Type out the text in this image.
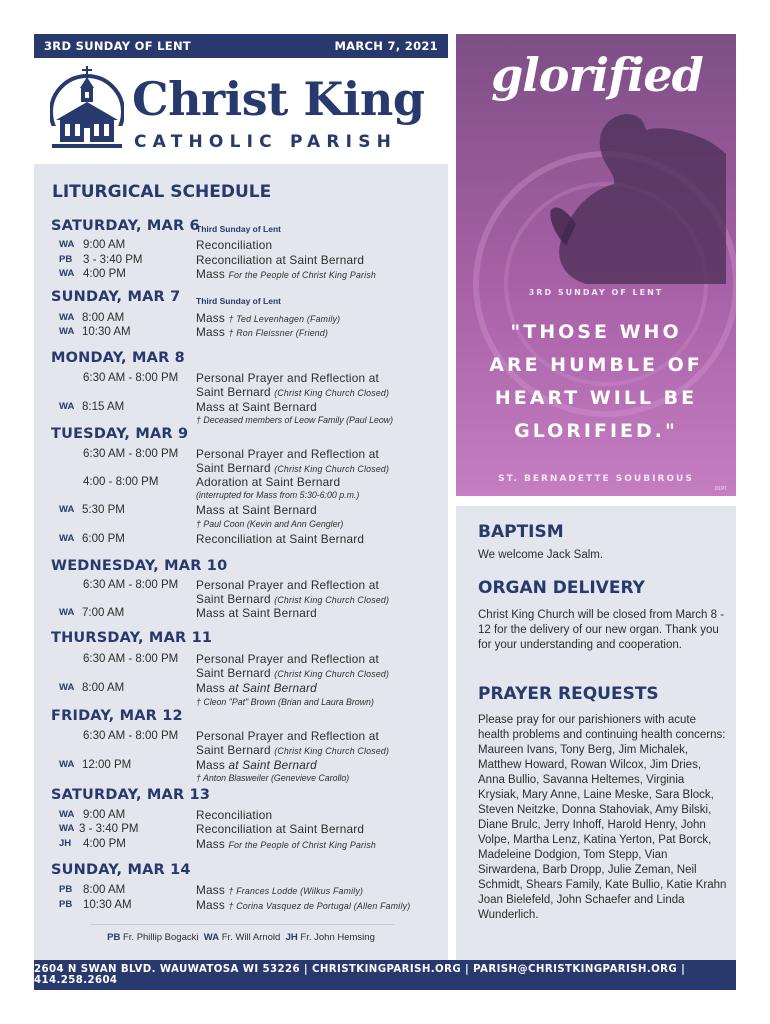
3RD SUNDAY OF LENT	MARCH 7, 2021
Christ King
CATHOLIC PARISH
LITURGICAL SCHEDULE
SATURDAY, MAR 6
Third Sunday of Lent
WA 9:00 AM	Reconciliation
PB 3 - 3:40 PM	Reconciliation at Saint Bernard
WA 4:00 PM	Mass For the People of Christ King Parish
SUNDAY, MAR 7 Third Sunday of Lent
WA 8:00 AM	Mass † Ted Levenhagen (Family)
WA 10:30 AM	Mass † Ron Fleissner (Friend)
MONDAY, MAR 8
6:30 AM - 8:00 PM Personal Prayer and Reflection at
Saint Bernard (Christ King Church Closed)
WA 8:15 AM	Mass at Saint Bernard
† Deceased members of Leow Family (Paul Leow)
TUESDAY, MAR 9
6:30 AM - 8:00 PM Personal Prayer and Reflection at
Saint Bernard (Christ King Church Closed)
4:00 - 8:00 PM	Adoration at Saint Bernard
(interrupted for Mass from 5:30-6:00 p.m.)
WA 5:30 PM	Mass at Saint Bernard
† Paul Coon (Kevin and Ann Gengler)
WA 6:00 PM	Reconciliation at Saint Bernard
WEDNESDAY, MAR 10
6:30 AM - 8:00 PM Personal Prayer and Reflection at
Saint Bernard (Christ King Church Closed)
WA 7:00 AM	Mass at Saint Bernard
THURSDAY, MAR 11
6:30 AM - 8:00 PM Personal Prayer and Reflection at
Saint Bernard (Christ King Church Closed)
WA 8:00 AM	Mass at Saint Bernard
† Cleon "Pat" Brown (Brian and Laura Brown)
FRIDAY, MAR 12
6:30 AM - 8:00 PM Personal Prayer and Reflection at
Saint Bernard (Christ King Church Closed)
WA 12:00 PM	Mass at Saint Bernard
† Anton Blasweiler (Genevieve Carollo)
SATURDAY, MAR 13
WA 9:00 AM	Reconciliation
WA 3 - 3:40 PM	Reconciliation at Saint Bernard
JH 4:00 PM	Mass For the People of Christ King Parish
SUNDAY, MAR 14
PB 8:00 AM	Mass † Frances Lodde (Wilkus Family)
PB 10:30 AM	Mass † Corina Vasquez de Portugal (Allen Family)
PB Fr. Phillip Bogacki WA Fr. Will Arnold JH Fr. John Hemsing
glorified
3RD SUNDAY OF LENT
"THOSE WHO
ARE HUMBLE OF
HEART WILL BE
GLORIFIED."
ST. BERNADETTE SOUBIROUS
OLPI
BAPTISM
We welcome Jack Salm.
ORGAN DELIVERY
Christ King Church will be closed from March 8 - 12 for the delivery of our new organ. Thank you for your understanding and cooperation.
PRAYER REQUESTS
Please pray for our parishioners with acute health problems and continuing health concerns: Maureen Ivans, Tony Berg, Jim Michalek, Matthew Howard, Rowan Wilcox, Jim Dries, Anna Bullio, Savanna Heltemes, Virginia Krysiak, Mary Anne, Laine Meske, Sara Block, Steven Neitzke, Donna Stahoviak, Amy Bilski, Diane Brulc, Jerry Inhoff, Harold Henry, John Volpe, Martha Lenz, Katina Yerton, Pat Borck, Madeleine Dodgion, Tom Stepp, Vian Sirwardena, Barb Dropp, Julie Zeman, Neil Schmidt, Shears Family, Kate Bullio, Katie Krahn Joan Bielefeld, John Schaefer and Linda Wunderlich.
2604 N SWAN BLVD. WAUWATOSA WI 53226 | CHRISTKINGPARISH.ORG | PARISH@CHRISTKINGPARISH.ORG | 414.258.2604
